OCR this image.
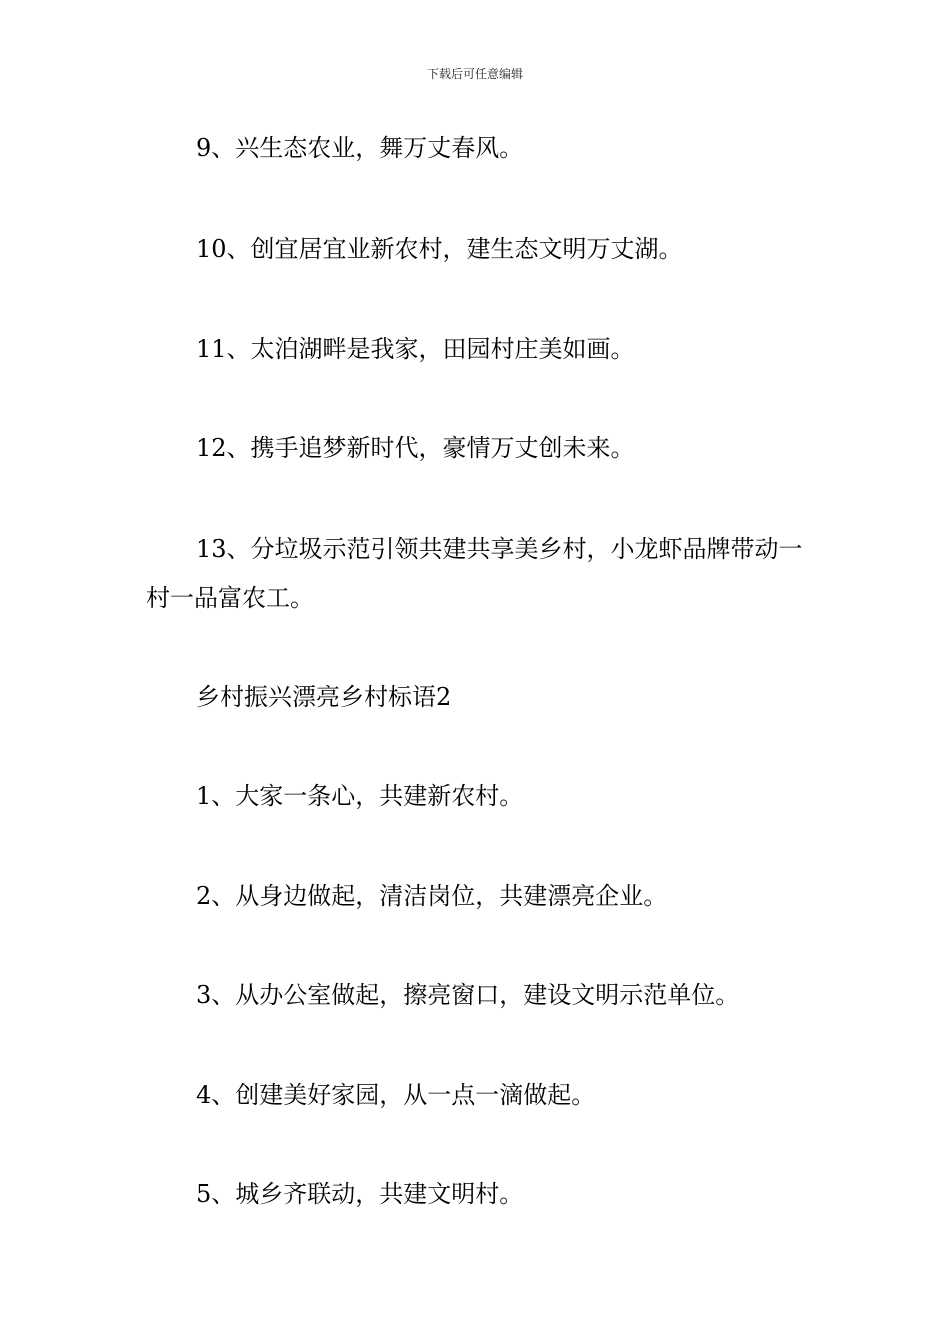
下载后可任意编辑

9、兴生态农业，舞万丈春风。

10、创宜居宜业新农村，建生态文明万丈湖。

11、太泊湖畔是我家，田园村庄美如画。

12、携手追梦新时代，豪情万丈创未来。

13、分垃圾示范引领共建共享美乡村，小龙虾品牌带动一村一品富农工。

乡村振兴漂亮乡村标语2

1、大家一条心，共建新农村。

2、从身边做起，清洁岗位，共建漂亮企业。

3、从办公室做起，擦亮窗口，建设文明示范单位。

4、创建美好家园，从一点一滴做起。

5、城乡齐联动，共建文明村。
